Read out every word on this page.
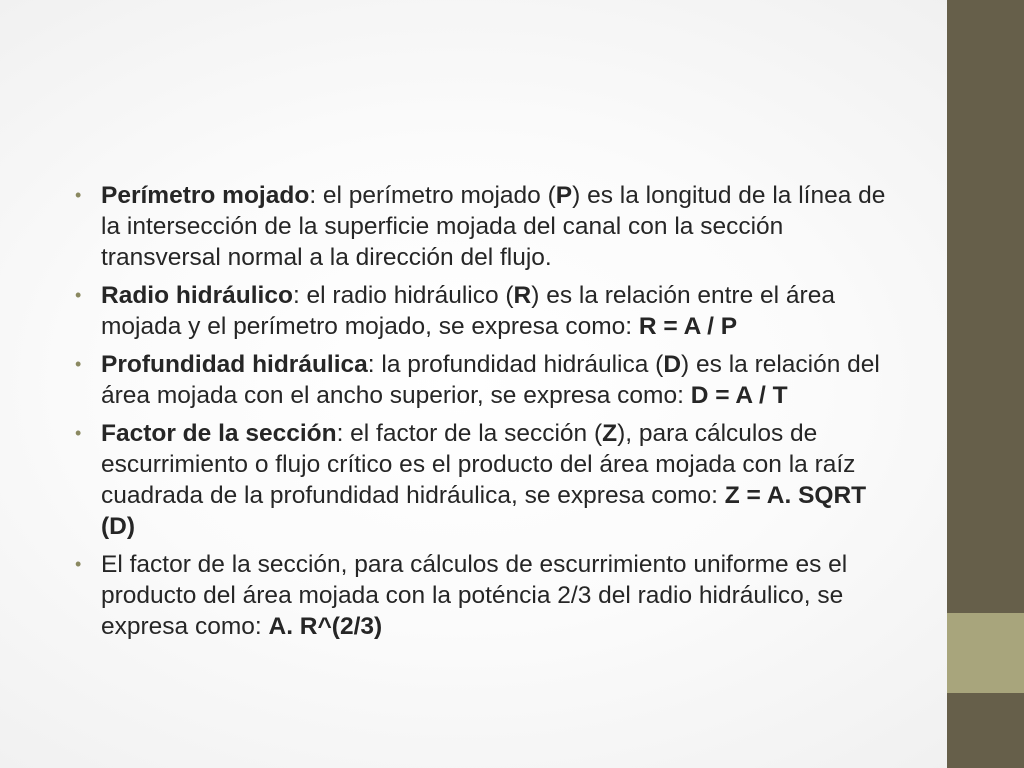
• Perímetro mojado: el perímetro mojado (P) es la longitud de la línea de la intersección de la superficie mojada del canal con la sección transversal normal a la dirección del flujo.
• Radio hidráulico: el radio hidráulico (R) es la relación entre el área mojada y el perímetro mojado, se expresa como: R = A / P
• Profundidad hidráulica: la profundidad hidráulica (D) es la relación del área mojada con el ancho superior, se expresa como: D = A / T
• Factor de la sección: el factor de la sección (Z), para cálculos de escurrimiento o flujo crítico es el producto del área mojada con la raíz cuadrada de la profundidad hidráulica, se expresa como: Z = A. SQRT (D)
• El factor de la sección, para cálculos de escurrimiento uniforme es el producto del área mojada con la poténcia 2/3 del radio hidráulico, se expresa como: A. R^(2/3)
